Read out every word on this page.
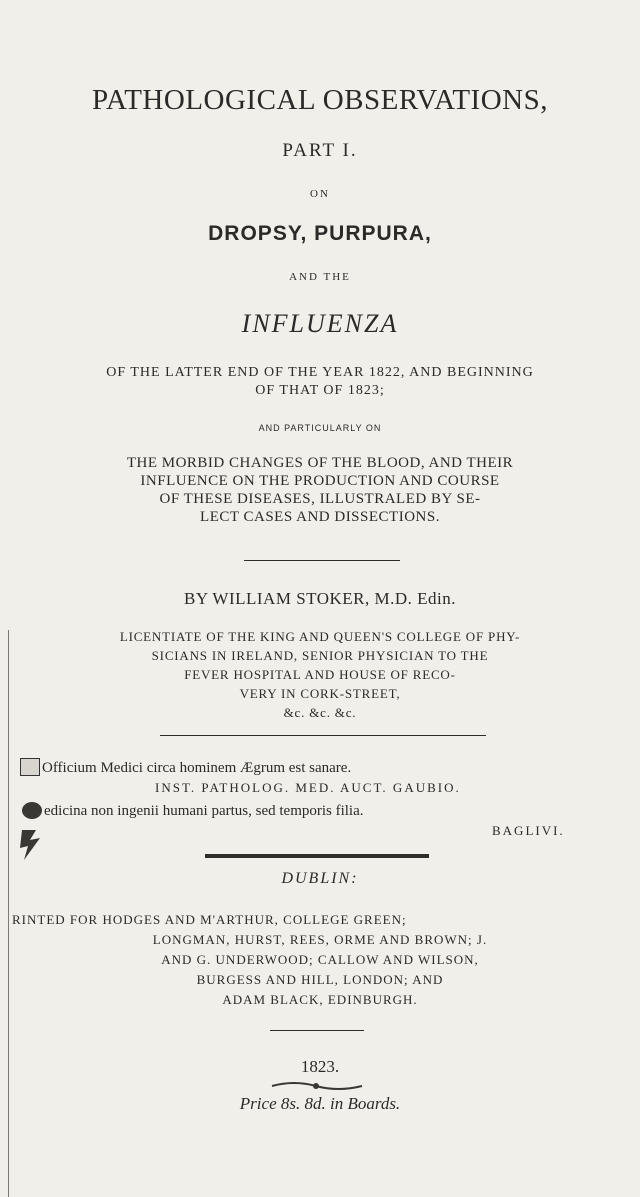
PATHOLOGICAL OBSERVATIONS,
PART I.
ON
DROPSY, PURPURA,
AND THE
INFLUENZA
OF THE LATTER END OF THE YEAR 1822, AND BEGINNING
OF THAT OF 1823;
AND PARTICULARLY ON
THE MORBID CHANGES OF THE BLOOD, AND THEIR
INFLUENCE ON THE PRODUCTION AND COURSE
OF THESE DISEASES, ILLUSTRALED BY SE-
LECT CASES AND DISSECTIONS.
BY WILLIAM STOKER, M.D. Edin.
LICENTIATE OF THE KING AND QUEEN'S COLLEGE OF PHY-
SICIANS IN IRELAND, SENIOR PHYSICIAN TO THE
FEVER HOSPITAL AND HOUSE OF RECO-
VERY IN CORK-STREET,
&c. &c. &c.
Officium Medici circa hominem Ægrum est sanare.
INST. PATHOLOG. MED. AUCT. GAUBIO.
edicina non ingenii humani partus, sed temporis filia.
BAGLIVI.
DUBLIN:
RINTED FOR HODGES AND M'ARTHUR, COLLEGE GREEN;
LONGMAN, HURST, REES, ORME AND BROWN; J.
AND G. UNDERWOOD; CALLOW AND WILSON,
BURGESS AND HILL, LONDON; AND
ADAM BLACK, EDINBURGH.
1823.
Price 8s. 8d. in Boards.
